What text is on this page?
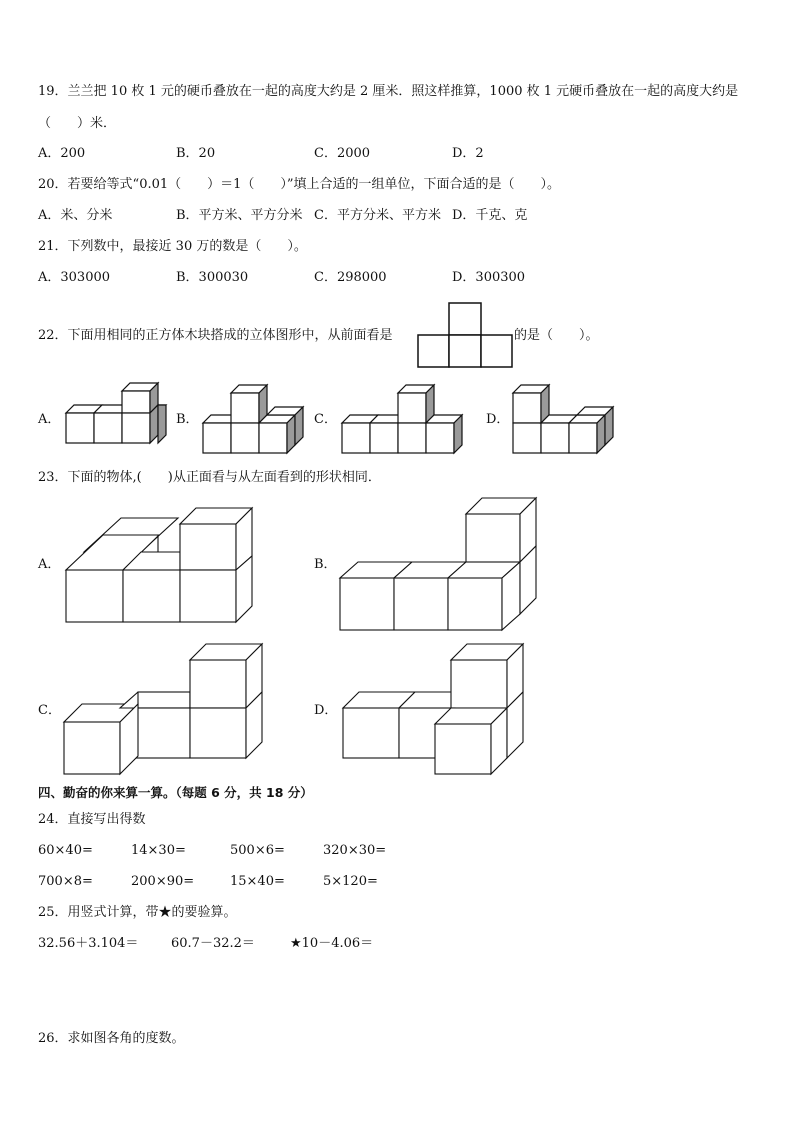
19．兰兰把 10 枚 1 元的硬币叠放在一起的高度大约是 2 厘米．照这样推算，1000 枚 1 元硬币叠放在一起的高度大约是
（　　）米．
A．200	B．20	C．2000	D．2
20．若要给等式“0.01（　　）＝1（　　）”填上合适的一组单位，下面合适的是（　　）。
A．米、分米	B．平方米、平方分米 C．平方分米、平方米 D．千克、克
21．下列数中，最接近 30 万的数是（　　）。
A．303000	B．300030	C．298000	D．300300
22．下面用相同的正方体木块搭成的立体图形中，从前面看是	的是（　　）。
A．	B．	C．	D．
23．下面的物体,(　　)从正面看与从左面看到的形状相同．
A．	B．
C．	D．
四、勤奋的你来算一算。（每题 6 分，共 18 分）
24．直接写出得数
60×40=	14×30=	500×6=	320×30=
700×8=	200×90=	15×40=	5×120=
25．用竖式计算，带★的要验算。
32.56＋3.104＝	60.7－32.2＝	★10－4.06＝
26．求如图各角的度数。
